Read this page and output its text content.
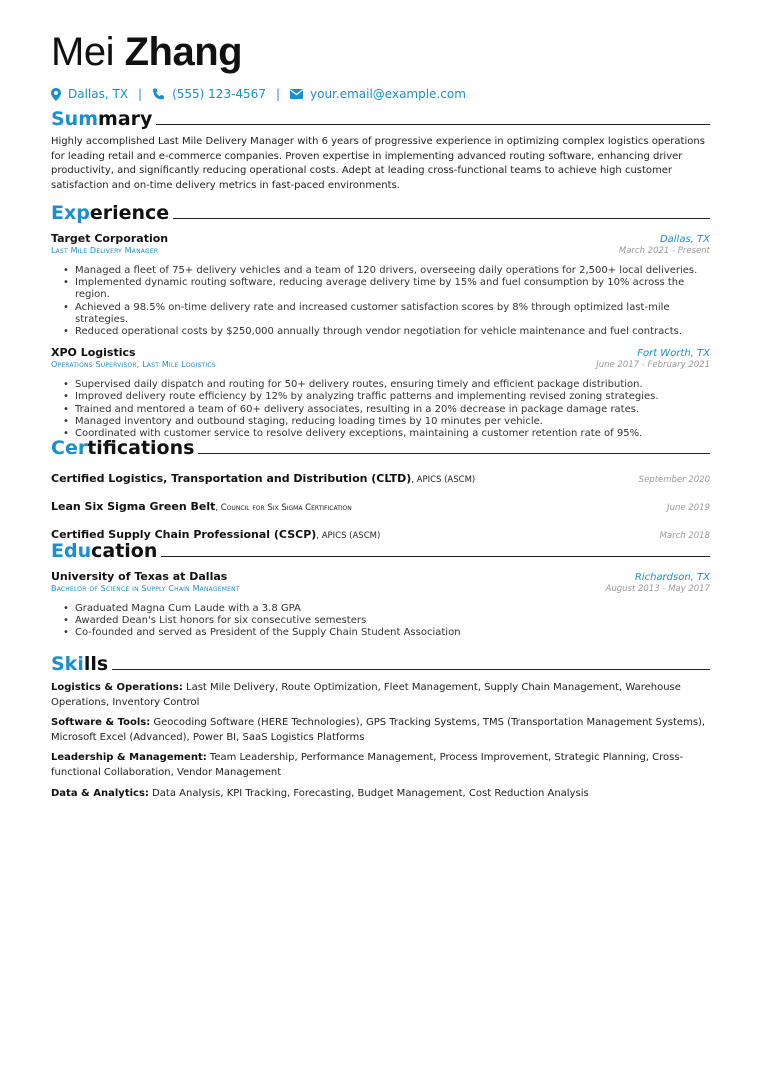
Mei Zhang
Dallas, TX |	(555) 123-4567 |	your.email@example.com
Summary
Highly accomplished Last Mile Delivery Manager with 6 years of progressive experience in optimizing complex logistics operations for leading retail and e-commerce companies. Proven expertise in implementing advanced routing software, enhancing driver productivity, and significantly reducing operational costs. Adept at leading cross-functional teams to achieve high customer satisfaction and on-time delivery metrics in fast-paced environments.
Experience
Target Corporation	Dallas, TX
Last Mile Delivery Manager	March 2021 - Present
• Managed a fleet of 75+ delivery vehicles and a team of 120 drivers, overseeing daily operations for 2,500+ local deliveries.
• Implemented dynamic routing software, reducing average delivery time by 15% and fuel consumption by 10% across the region.
• Achieved a 98.5% on-time delivery rate and increased customer satisfaction scores by 8% through optimized last-mile strategies.
• Reduced operational costs by $250,000 annually through vendor negotiation for vehicle maintenance and fuel contracts.
XPO Logistics	Fort Worth, TX
Operations Supervisor, Last Mile Logistics	June 2017 - February 2021
• Supervised daily dispatch and routing for 50+ delivery routes, ensuring timely and efficient package distribution.
• Improved delivery route efficiency by 12% by analyzing traffic patterns and implementing revised zoning strategies.
• Trained and mentored a team of 60+ delivery associates, resulting in a 20% decrease in package damage rates.
• Managed inventory and outbound staging, reducing loading times by 10 minutes per vehicle.
• Coordinated with customer service to resolve delivery exceptions, maintaining a customer retention rate of 95%.
Certifications
Certified Logistics, Transportation and Distribution (CLTD), APICS (ASCM)	September 2020
Lean Six Sigma Green Belt, Council for Six Sigma Certification	June 2019
Certified Supply Chain Professional (CSCP), APICS (ASCM)	March 2018
Education
University of Texas at Dallas	Richardson, TX
Bachelor of Science in Supply Chain Management	August 2013 - May 2017
• Graduated Magna Cum Laude with a 3.8 GPA
• Awarded Dean's List honors for six consecutive semesters
• Co-founded and served as President of the Supply Chain Student Association
Skills
Logistics & Operations: Last Mile Delivery, Route Optimization, Fleet Management, Supply Chain Management, Warehouse Operations, Inventory Control
Software & Tools: Geocoding Software (HERE Technologies), GPS Tracking Systems, TMS (Transportation Management Systems), Microsoft Excel (Advanced), Power BI, SaaS Logistics Platforms
Leadership & Management: Team Leadership, Performance Management, Process Improvement, Strategic Planning, Cross-functional Collaboration, Vendor Management
Data & Analytics: Data Analysis, KPI Tracking, Forecasting, Budget Management, Cost Reduction Analysis
